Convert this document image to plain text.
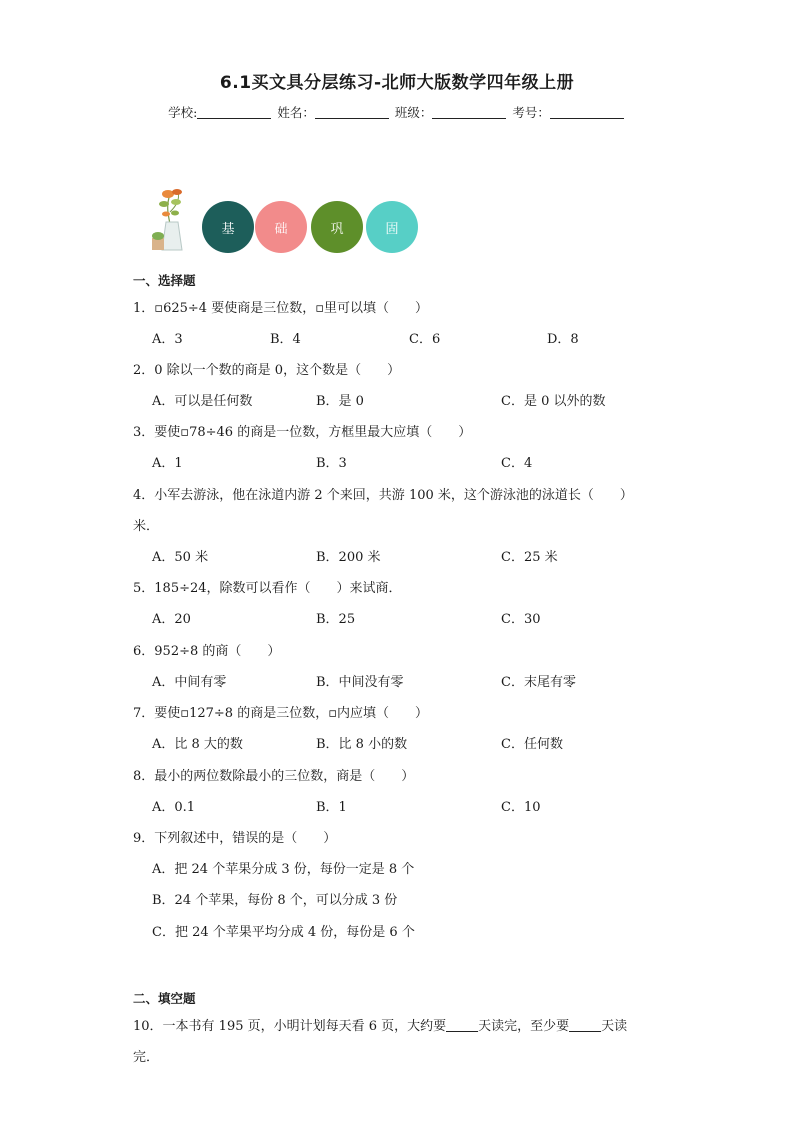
6.1买文具分层练习-北师大版数学四年级上册
学校:	姓名：	班级：	考号：
基	础	巩	固
一、选择题
1．▫625÷4 要使商是三位数，▫里可以填（　　）
A．3	B．4	C．6	D．8
2．0 除以一个数的商是 0，这个数是（　　）
A．可以是任何数	B．是 0	C．是 0 以外的数
3．要使▫78÷46 的商是一位数，方框里最大应填（　　）
A．1	B．3	C．4
4．小军去游泳，他在泳道内游 2 个来回，共游 100 米，这个游泳池的泳道长（　　）
米．
A．50 米	B．200 米	C．25 米
5．185÷24，除数可以看作（　　）来试商．
A．20	B．25	C．30
6．952÷8 的商（　　）
A．中间有零	B．中间没有零	C．末尾有零
7．要使▫127÷8 的商是三位数，▫内应填（　　）
A．比 8 大的数	B．比 8 小的数	C．任何数
8．最小的两位数除最小的三位数，商是（　　）
A．0.1	B．1	C．10
9．下列叙述中，错误的是（　　）
A．把 24 个苹果分成 3 份，每份一定是 8 个
B．24 个苹果，每份 8 个，可以分成 3 份
C．把 24 个苹果平均分成 4 份，每份是 6 个
二、填空题
10．一本书有 195 页，小明计划每天看 6 页，大约要 天读完，至少要 天读
完．
